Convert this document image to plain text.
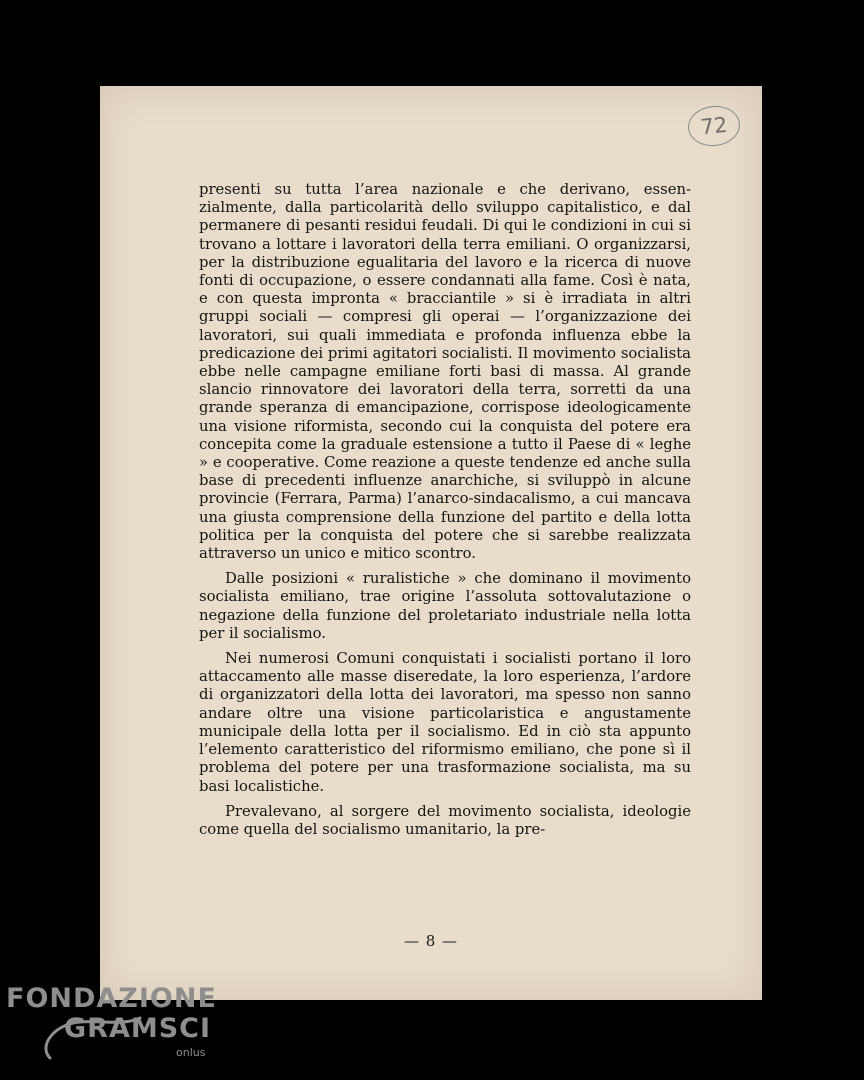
72

presenti su tutta l’area nazionale e che derivano, essenzialmente, dalla particolarità dello sviluppo capitalistico, e dal permanere di pesanti residui feudali. Di qui le condizioni in cui si trovano a lottare i lavoratori della terra emiliani. O organizzarsi, per la distribuzione egualitaria del lavoro e la ricerca di nuove fonti di occupazione, o essere condannati alla fame. Così è nata, e con questa impronta « bracciantile » si è irradiata in altri gruppi sociali — compresi gli operai — l’organizzazione dei lavoratori, sui quali immediata e profonda influenza ebbe la predicazione dei primi agitatori socialisti. Il movimento socialista ebbe nelle campagne emiliane forti basi di massa. Al grande slancio rinnovatore dei lavoratori della terra, sorretti da una grande speranza di emancipazione, corrispose ideologicamente una visione riformista, secondo cui la conquista del potere era concepita come la graduale estensione a tutto il Paese di « leghe » e cooperative. Come reazione a queste tendenze ed anche sulla base di precedenti influenze anarchiche, si sviluppò in alcune provincie (Ferrara, Parma) l’anarco-sindacalismo, a cui mancava una giusta comprensione della funzione del partito e della lotta politica per la conquista del potere che si sarebbe realizzata attraverso un unico e mitico scontro.

Dalle posizioni « ruralistiche » che dominano il movimento socialista emiliano, trae origine l’assoluta sottovalutazione o negazione della funzione del proletariato industriale nella lotta per il socialismo.

Nei numerosi Comuni conquistati i socialisti portano il loro attaccamento alle masse diseredate, la loro esperienza, l’ardore di organizzatori della lotta dei lavoratori, ma spesso non sanno andare oltre una visione particolaristica e angustamente municipale della lotta per il socialismo. Ed in ciò sta appunto l’elemento caratteristico del riformismo emiliano, che pone sì il problema del potere per una trasformazione socialista, ma su basi localistiche.

Prevalevano, al sorgere del movimento socialista, ideologie come quella del socialismo umanitario, la pre-

— 8 —
FONDAZIONE
GRAMSCI
onlus
